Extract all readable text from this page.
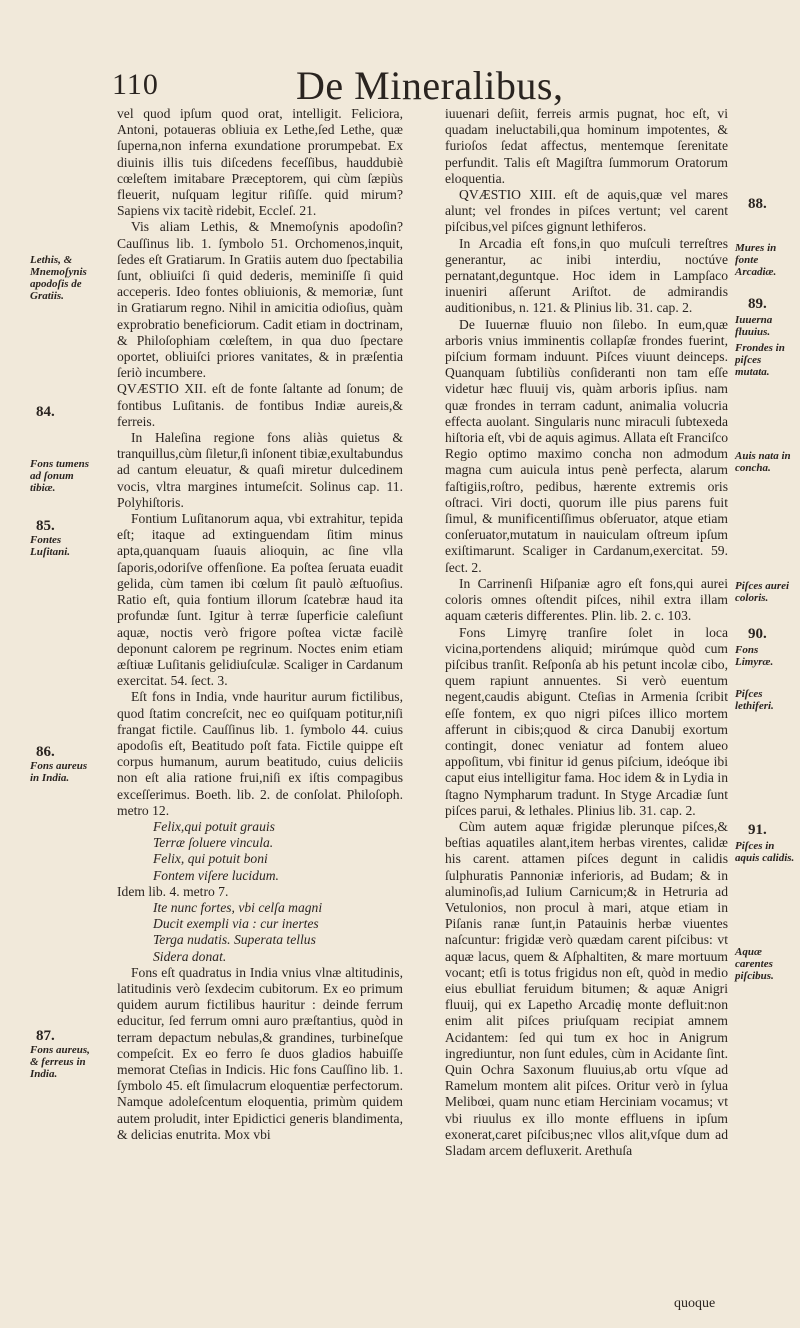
110	De Mineralibus,

vel quod ipſum quod orat, intelligit. Feliciora, Antoni, potaueras obliuia ex Lethe,ſed Lethe, quæ ſuperna,non inferna exundatione prorumpebat. Ex diuinis illis tuis diſcedens feceſſibus, hauddubiè cœleſtem imitabare Præceptorem, qui cùm ſæpiùs fleuerit, nuſquam legitur riſiſſe. quid mirum? Sapiens vix tacitè ridebit, Eccleſ. 21.

Vis aliam Lethis, & Mnemoſynis apodoſin? Cauſſinus lib. 1. ſymbolo 51. Orchomenos,inquit, ſedes eſt Gratiarum. In Gratiis autem duo ſpectabilia ſunt, obliuiſci ſi quid dederis, meminiſſe ſi quid acceperis. Ideo fontes obliuionis, & memoriæ, ſunt in Gratiarum regno. Nihil in amicitia odioſius, quàm exprobratio beneficiorum. Cadit etiam in doctrinam, & Philoſophiam cœleſtem, in qua duo ſpectare oportet, obliuiſci priores vanitates, & in præſentia ſeriò incumbere.

QVÆSTIO XII. eſt de fonte ſaltante ad ſonum; de fontibus Luſitanis. de fontibus Indiæ aureis,& ferreis.

In Haleſina regione fons aliàs quietus & tranquillus,cùm ſiletur,ſi inſonent tibiæ,exultabundus ad cantum eleuatur, & quaſi miretur dulcedinem vocis, vltra margines intumeſcit. Solinus cap. 11. Polyhiſtoris.

Fontium Luſitanorum aqua, vbi extrahitur, tepida eſt; itaque ad extinguendam ſitim minus apta,quanquam ſuauis alioquin, ac ſine vlla ſaporis,odoriſve offenſione. Ea poſtea ſeruata euadit gelida, cùm tamen ibi cœlum ſit paulò æſtuoſius. Ratio eſt, quia fontium illorum ſcatebræ haud ita profundæ ſunt. Igitur à terræ ſuperficie caleſiunt aquæ, noctis verò frigore poſtea victæ facilè deponunt calorem pe regrinum. Noctes enim etiam æſtiuæ Luſitanis gelidiuſculæ. Scaliger in Cardanum exercitat. 54. ſect. 3.

Eſt fons in India, vnde hauritur aurum fictilibus, quod ſtatim concreſcit, nec eo quiſquam potitur,niſi frangat fictile. Cauſſinus lib. 1. ſymbolo 44. cuius apodoſis eſt, Beatitudo poſt fata. Fictile quippe eſt corpus humanum, aurum beatitudo, cuius deliciis non eſt alia ratione frui,niſi ex iſtis compagibus exceſſerimus. Boeth. lib. 2. de conſolat. Philoſoph. metro 12.

Felix,qui potuit grauis

Terræ ſoluere vincula.

Felix, qui potuit boni

Fontem viſere lucidum.

Idem lib. 4. metro 7.

Ite nunc fortes, vbi celſa magni

Ducit exempli via : cur inertes

Terga nudatis. Superata tellus

Sidera donat.

Fons eſt quadratus in India vnius vlnæ altitudinis, latitudinis verò ſexdecim cubitorum. Ex eo primum quidem aurum fictilibus hauritur : deinde ferrum educitur, ſed ferrum omni auro præſtantius, quòd in terram depactum nebulas,& grandines, turbineſque compeſcit. Ex eo ferro ſe duos gladios habuiſſe memorat Cteſias in Indicis. Hic fons Cauſſino lib. 1. ſymbolo 45. eſt ſimulacrum eloquentiæ perfectorum. Namque adoleſcentum eloquentia, primùm quidem autem proludit, inter Epidictici generis blandimenta, & delicias enutrita. Mox vbi

iuuenari deſiit, ferreis armis pugnat, hoc eſt, vi quadam ineluctabili,qua hominum impotentes, & furioſos ſedat affectus, mentemque ſerenitate perfundit. Talis eſt Magiſtra ſummorum Oratorum eloquentia.

QVÆSTIO XIII. eſt de aquis,quæ vel mares alunt; vel frondes in piſces vertunt; vel carent piſcibus,vel piſces gignunt lethiferos.

In Arcadia eſt fons,in quo muſculi terreſtres generantur, ac inibi interdiu, noctúve pernatant,deguntque. Hoc idem in Lampſaco inueniri aſſerunt Ariſtot. de admirandis auditionibus, n. 121. & Plinius lib. 31. cap. 2.

De Iuuernæ fluuio non ſilebo. In eum,quæ arboris vnius imminentis collapſæ frondes fuerint, piſcium formam induunt. Piſces viuunt deinceps. Quanquam ſubtiliùs conſideranti non tam eſſe videtur hæc fluuij vis, quàm arboris ipſius. nam quæ frondes in terram cadunt, animalia volucria effecta auolant. Singularis nunc miraculi ſubtexeda hiſtoria eſt, vbi de aquis agimus. Allata eſt Franciſco Regio optimo maximo concha non admodum magna cum auicula intus penè perfecta, alarum faſtigiis,roſtro, pedibus, hærente extremis oris oſtraci. Viri docti, quorum ille pius parens fuit ſimul, & munificentiſſimus obſeruator, atque etiam conſeruator,mutatum in nauiculam oſtreum ipſum exiſtimarunt. Scaliger in Cardanum,exercitat. 59. ſect. 2.

In Carrinenſi Hiſpaniæ agro eſt fons,qui aurei coloris omnes oſtendit piſces, nihil extra illam aquam cæteris differentes. Plin. lib. 2. c. 103.

Fons Limyrę tranſire ſolet in loca vicina,portendens aliquid; mirúmque quòd cum piſcibus tranſit. Reſponſa ab his petunt incolæ cibo, quem rapiunt annuentes. Si verò euentum negent,caudis abigunt. Cteſias in Armenia ſcribit eſſe fontem, ex quo nigri piſces illico mortem afferunt in cibis;quod & circa Danubij exortum contingit, donec veniatur ad fontem alueo appoſitum, vbi finitur id genus piſcium, ideóque ibi caput eius intelligitur fama. Hoc idem & in Lydia in ſtagno Nympharum tradunt. In Styge Arcadiæ ſunt piſces parui, & lethales. Plinius lib. 31. cap. 2.

Cùm autem aquæ frigidæ plerunque piſces,& beſtias aquatiles alant,item herbas virentes, calidæ his carent. attamen piſces degunt in calidis ſulphuratis Pannoniæ inferioris, ad Budam; & in aluminoſis,ad Iulium Carnicum;& in Hetruria ad Vetulonios, non procul à mari, atque etiam in Piſanis ranæ ſunt,in Patauinis herbæ viuentes naſcuntur: frigidæ verò quædam carent piſcibus: vt aquæ lacus, quem & Aſphaltiten, & mare mortuum vocant; etſi is totus frigidus non eſt, quòd in medio eius ebulliat feruidum bitumen; & aquæ Anigri fluuij, qui ex Lapetho Arcadię monte defluit:non enim alit piſces priuſquam recipiat amnem Acidantem: ſed qui tum ex hoc in Anigrum ingrediuntur, non ſunt edules, cùm in Acidante ſint. Quin Ochra Saxonum fluuius,ab ortu vſque ad Ramelum montem alit piſces. Oritur verò in ſylua Melibœi, quam nunc etiam Herciniam vocamus; vt vbi riuulus ex illo monte effluens in ipſum exonerat,caret piſcibus;nec vllos alit,vſque dum ad Sladam arcem defluxerit. Arethuſa

Lethis, & Mnemoſynis apodoſis de Gratiis.
84.
Fons tumens ad ſonum tibiæ.
85.
Fontes Luſitani.
86.
Fons aureus in India.
87.
Fons aureus, & ferreus in India.
88.
Mures in fonte Arcadiæ.
89.
Iuuerna fluuius.
Frondes in piſces mutata.
Auis nata in concha.
Piſces aurei coloris.
90.
Fons Limyræ.
Piſces lethiferi.
91.
Piſces in aquis calidis.
Aquæ carentes piſcibus.
quoque
